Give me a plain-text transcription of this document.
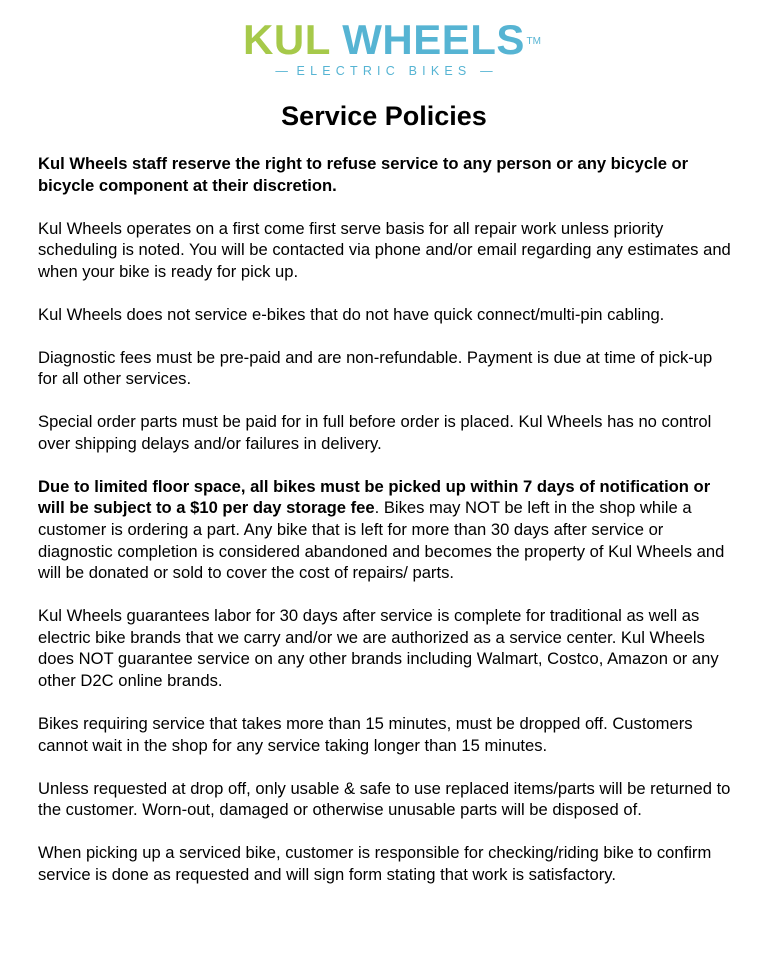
KUL WHEELS TM
— ELECTRIC BIKES —
Service Policies

Kul Wheels staff reserve the right to refuse service to any person or any bicycle or bicycle component at their discretion.

Kul Wheels operates on a first come first serve basis for all repair work unless priority scheduling is noted. You will be contacted via phone and/or email regarding any estimates and when your bike is ready for pick up.

Kul Wheels does not service e-bikes that do not have quick connect/multi-pin cabling.

Diagnostic fees must be pre-paid and are non-refundable. Payment is due at time of pick-up for all other services.

Special order parts must be paid for in full before order is placed. Kul Wheels has no control over shipping delays and/or failures in delivery.

Due to limited floor space, all bikes must be picked up within 7 days of notification or will be subject to a $10 per day storage fee. Bikes may NOT be left in the shop while a customer is ordering a part. Any bike that is left for more than 30 days after service or diagnostic completion is considered abandoned and becomes the property of Kul Wheels and will be donated or sold to cover the cost of repairs/ parts.

Kul Wheels guarantees labor for 30 days after service is complete for traditional as well as electric bike brands that we carry and/or we are authorized as a service center. Kul Wheels does NOT guarantee service on any other brands including Walmart, Costco, Amazon or any other D2C online brands.

Bikes requiring service that takes more than 15 minutes, must be dropped off. Customers cannot wait in the shop for any service taking longer than 15 minutes.

Unless requested at drop off, only usable & safe to use replaced items/parts will be returned to the customer. Worn-out, damaged or otherwise unusable parts will be disposed of.

When picking up a serviced bike, customer is responsible for checking/riding bike to confirm service is done as requested and will sign form stating that work is satisfactory.
